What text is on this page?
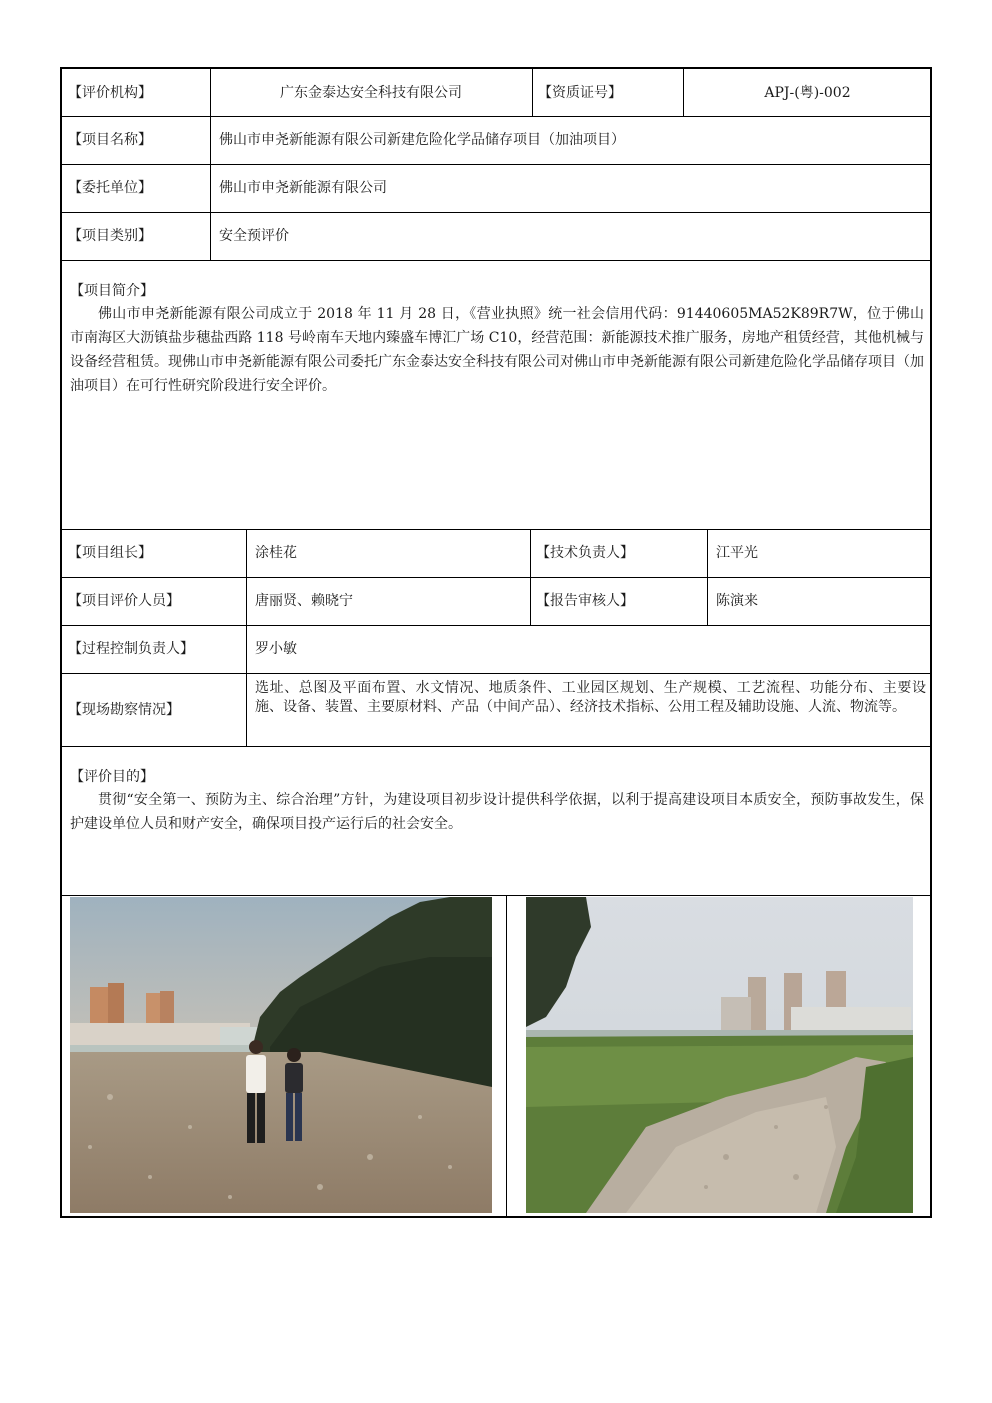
【评价机构】	广东金泰达安全科技有限公司	【资质证号】	APJ-(粤)-002
【项目名称】	佛山市申尧新能源有限公司新建危险化学品储存项目（加油项目）
【委托单位】	佛山市申尧新能源有限公司
【项目类别】	安全预评价

【项目简介】

佛山市申尧新能源有限公司成立于 2018 年 11 月 28 日，《营业执照》统一社会信用代码：91440605MA52K89R7W，位于佛山市南海区大沥镇盐步穗盐西路 118 号岭南车天地内臻盛车博汇广场 C10，经营范围：新能源技术推广服务，房地产租赁经营，其他机械与设备经营租赁。现佛山市申尧新能源有限公司委托广东金泰达安全科技有限公司对佛山市申尧新能源有限公司新建危险化学品储存项目（加油项目）在可行性研究阶段进行安全评价。

【项目组长】	涂桂花	【技术负责人】	江平光
【项目评价人员】	唐丽贤、赖晓宁	【报告审核人】	陈演来
【过程控制负责人】	罗小敏
【现场勘察情况】
选址、总图及平面布置、水文情况、地质条件、工业园区规划、生产规模、工艺流程、功能分布、主要设施、设备、装置、主要原材料、产品（中间产品）、经济技术指标、公用工程及辅助设施、人流、物流等。

【评价目的】

贯彻“安全第一、预防为主、综合治理”方针，为建设项目初步设计提供科学依据，以利于提高建设项目本质安全，预防事故发生，保护建设单位人员和财产安全，确保项目投产运行后的社会安全。
